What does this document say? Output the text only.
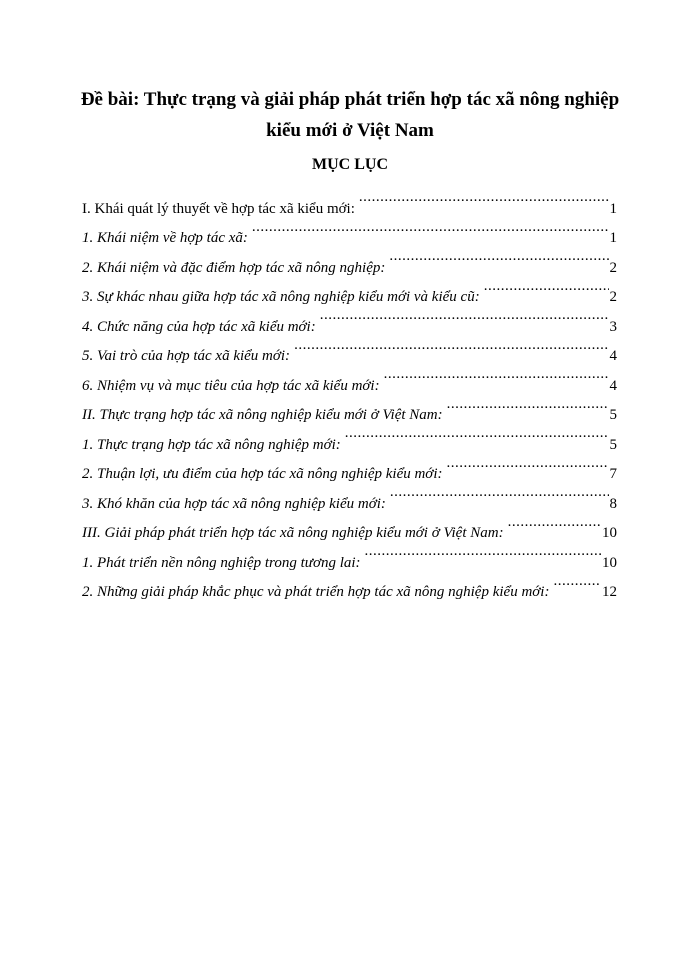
Đề bài: Thực trạng và giải pháp phát triển hợp tác xã nông nghiệp
kiểu mới ở Việt Nam
MỤC LỤC
I. Khái quát lý thuyết về hợp tác xã kiểu mới: .....	1
1. Khái niệm về hợp tác xã: .....	1
2. Khái niệm và đặc điểm hợp tác xã nông nghiệp: .....	2
3. Sự khác nhau giữa hợp tác xã nông nghiệp kiểu mới và kiểu cũ: .....	2
4. Chức năng của hợp tác xã kiểu mới: .....	3
5. Vai trò của hợp tác xã kiểu mới: .....	4
6. Nhiệm vụ và mục tiêu của hợp tác xã kiểu mới: .....	4
II. Thực trạng hợp tác xã nông nghiệp kiểu mới ở Việt Nam: .....	5
1. Thực trạng hợp tác xã nông nghiệp mới: .....	5
2. Thuận lợi, ưu điểm của hợp tác xã nông nghiệp kiểu mới: .....	7
3. Khó khăn của hợp tác xã nông nghiệp kiểu mới: .....	8
III. Giải pháp phát triển hợp tác xã nông nghiệp kiểu mới ở Việt Nam: .....	10
1. Phát triển nền nông nghiệp trong tương lai: .....	10
2. Những giải pháp khắc phục và phát triển hợp tác xã nông nghiệp kiểu mới: .....	12
